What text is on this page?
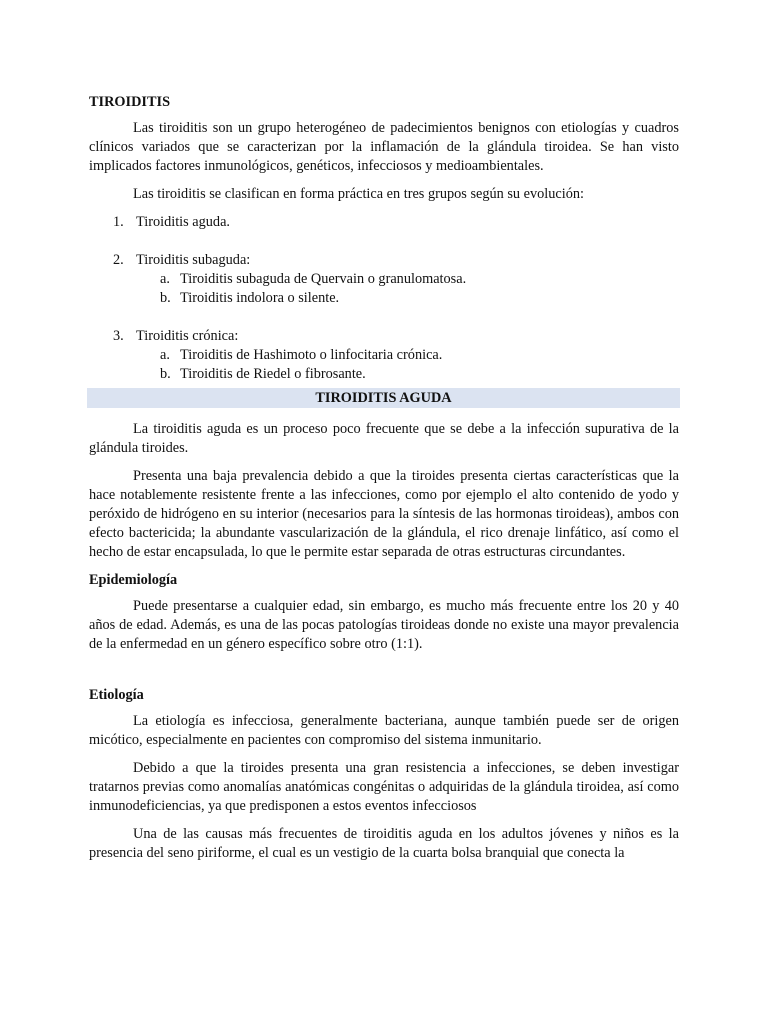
TIROIDITIS

Las tiroiditis son un grupo heterogéneo de padecimientos benignos con etiologías y cuadros clínicos variados que se caracterizan por la inflamación de la glándula tiroidea. Se han visto implicados factores inmunológicos, genéticos, infecciosos y medioambientales.

Las tiroiditis se clasifican en forma práctica en tres grupos según su evolución:

1. Tiroiditis aguda.
2. Tiroiditis subaguda:
a. Tiroiditis subaguda de Quervain o granulomatosa.
b. Tiroiditis indolora o silente.
3. Tiroiditis crónica:
a. Tiroiditis de Hashimoto o linfocitaria crónica.
b. Tiroiditis de Riedel o fibrosante.
TIROIDITIS AGUDA

La tiroiditis aguda es un proceso poco frecuente que se debe a la infección supurativa de la glándula tiroides.

Presenta una baja prevalencia debido a que la tiroides presenta ciertas características que la hace notablemente resistente frente a las infecciones, como por ejemplo el alto contenido de yodo y peróxido de hidrógeno en su interior (necesarios para la síntesis de las hormonas tiroideas), ambos con efecto bactericida; la abundante vascularización de la glándula, el rico drenaje linfático, así como el hecho de estar encapsulada, lo que le permite estar separada de otras estructuras circundantes.

Epidemiología

Puede presentarse a cualquier edad, sin embargo, es mucho más frecuente entre los 20 y 40 años de edad. Además, es una de las pocas patologías tiroideas donde no existe una mayor prevalencia de la enfermedad en un género específico sobre otro (1:1).

Etiología

La etiología es infecciosa, generalmente bacteriana, aunque también puede ser de origen micótico, especialmente en pacientes con compromiso del sistema inmunitario.

Debido a que la tiroides presenta una gran resistencia a infecciones, se deben investigar tratarnos previas como anomalías anatómicas congénitas o adquiridas de la glándula tiroidea, así como inmunodeficiencias, ya que predisponen a estos eventos infecciosos

Una de las causas más frecuentes de tiroiditis aguda en los adultos jóvenes y niños es la presencia del seno piriforme, el cual es un vestigio de la cuarta bolsa branquial que conecta la
